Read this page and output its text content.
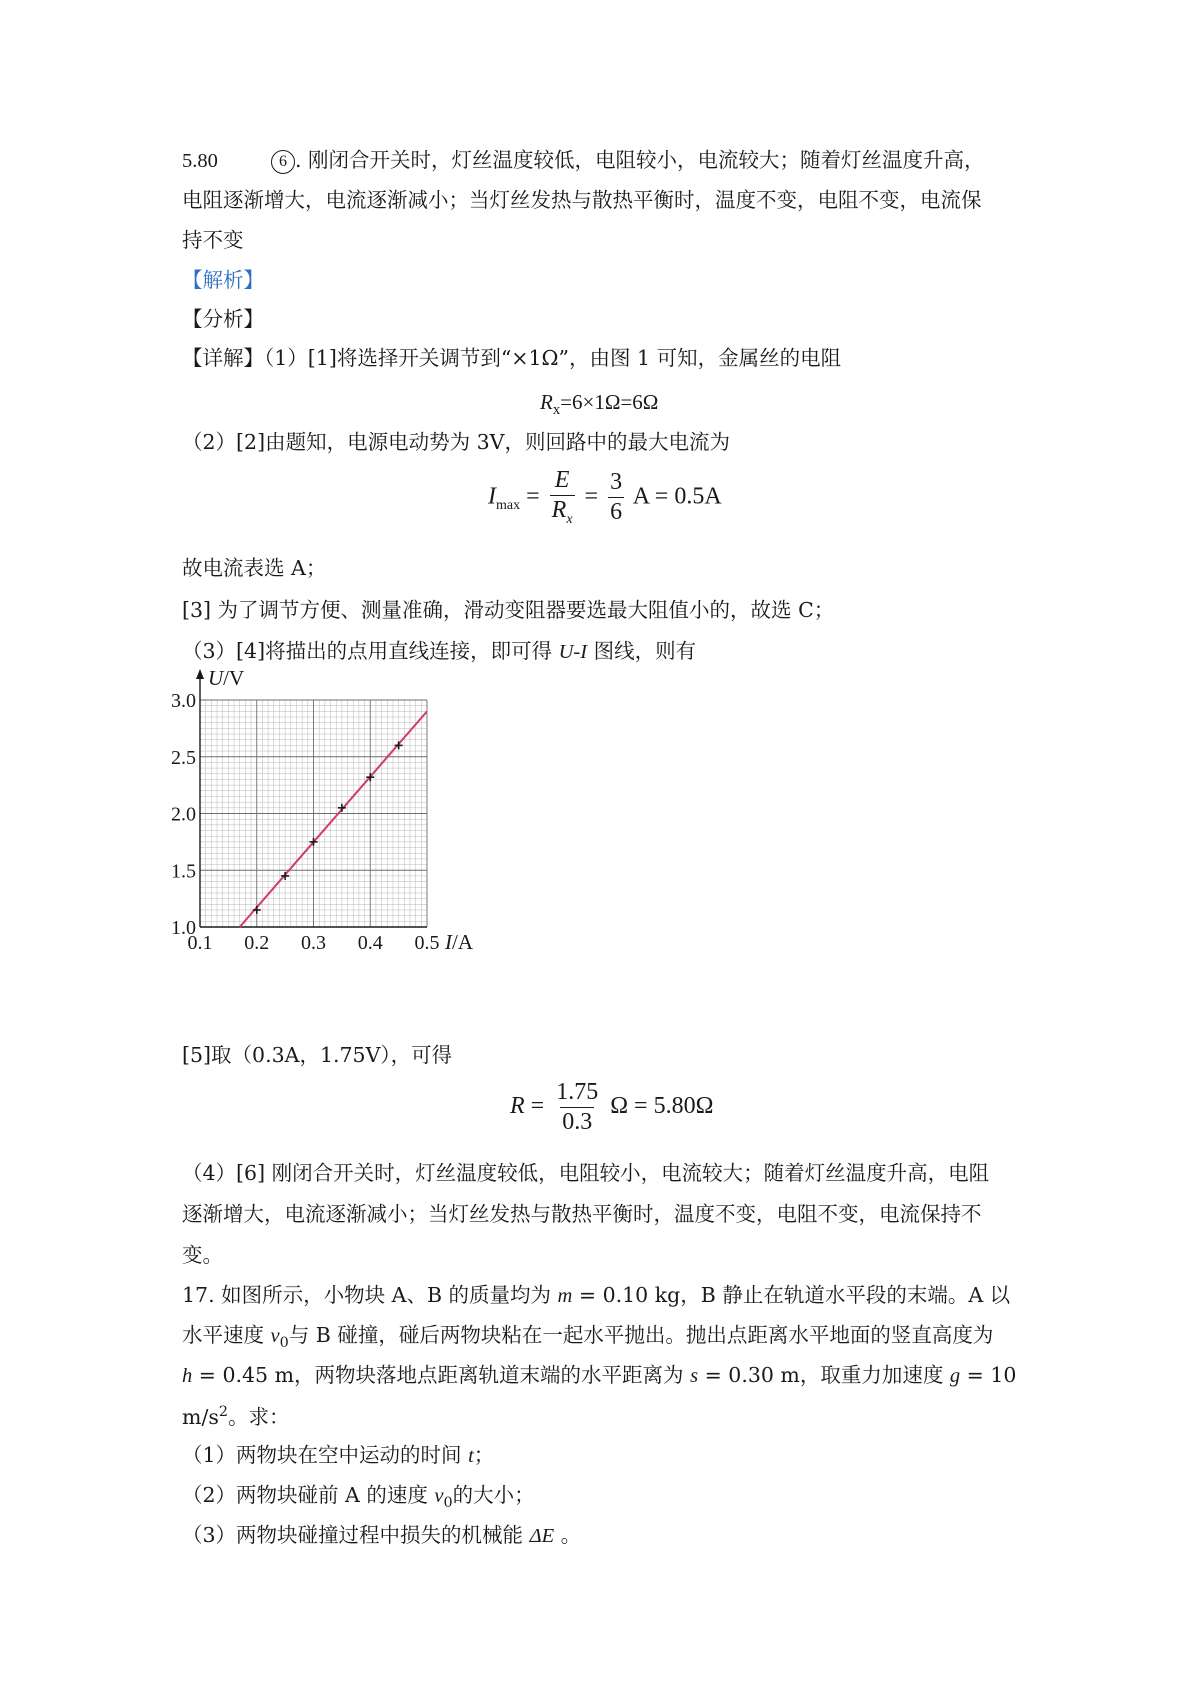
5.80	6 . 刚闭合开关时，灯丝温度较低，电阻较小，电流较大；随着灯丝温度升高，
电阻逐渐增大，电流逐渐减小；当灯丝发热与散热平衡时，温度不变，电阻不变，电流保
持不变
【解析】
【分析】
【详解】（1）[1]将选择开关调节到“×1Ω”，由图 1 可知，金属丝的电阻
$R_x=6\times 1\Omega=6\Omega$
（2）[2]由题知，电源电动势为 3V，则回路中的最大电流为
$I_{max} = \frac{E}{R_x} = \frac{3}{6}$ A = 0.5A
故电流表选 A；
[3] 为了调节方便、测量准确，滑动变阻器要选最大阻值小的，故选 C；
（3）[4]将描出的点用直线连接，即可得 U-I 图线，则有
1.0
1.5
2.0
2.5
3.0
0.1 0.2 0.3 0.4 0.5
U/V
I/A
[5]取（0.3A，1.75V），可得
$R = \frac{1.75}{0.3}$ Ω = 5.80Ω
（4）[6] 刚闭合开关时，灯丝温度较低，电阻较小，电流较大；随着灯丝温度升高，电阻
逐渐增大，电流逐渐减小；当灯丝发热与散热平衡时，温度不变，电阻不变，电流保持不
变。
17. 如图所示，小物块 A、B 的质量均为 m = 0.10 kg，B 静止在轨道水平段的末端。A 以
水平速度 $v_0$与 B 碰撞，碰后两物块粘在一起水平抛出。抛出点距离水平地面的竖直高度为
h = 0.45 m，两物块落地点距离轨道末端的水平距离为 s = 0.30 m，取重力加速度 g = 10
$m/s^2$。求：
（1）两物块在空中运动的时间 t；
（2）两物块碰前 A 的速度 $v_0$的大小；
（3）两物块碰撞过程中损失的机械能 ΔE 。
